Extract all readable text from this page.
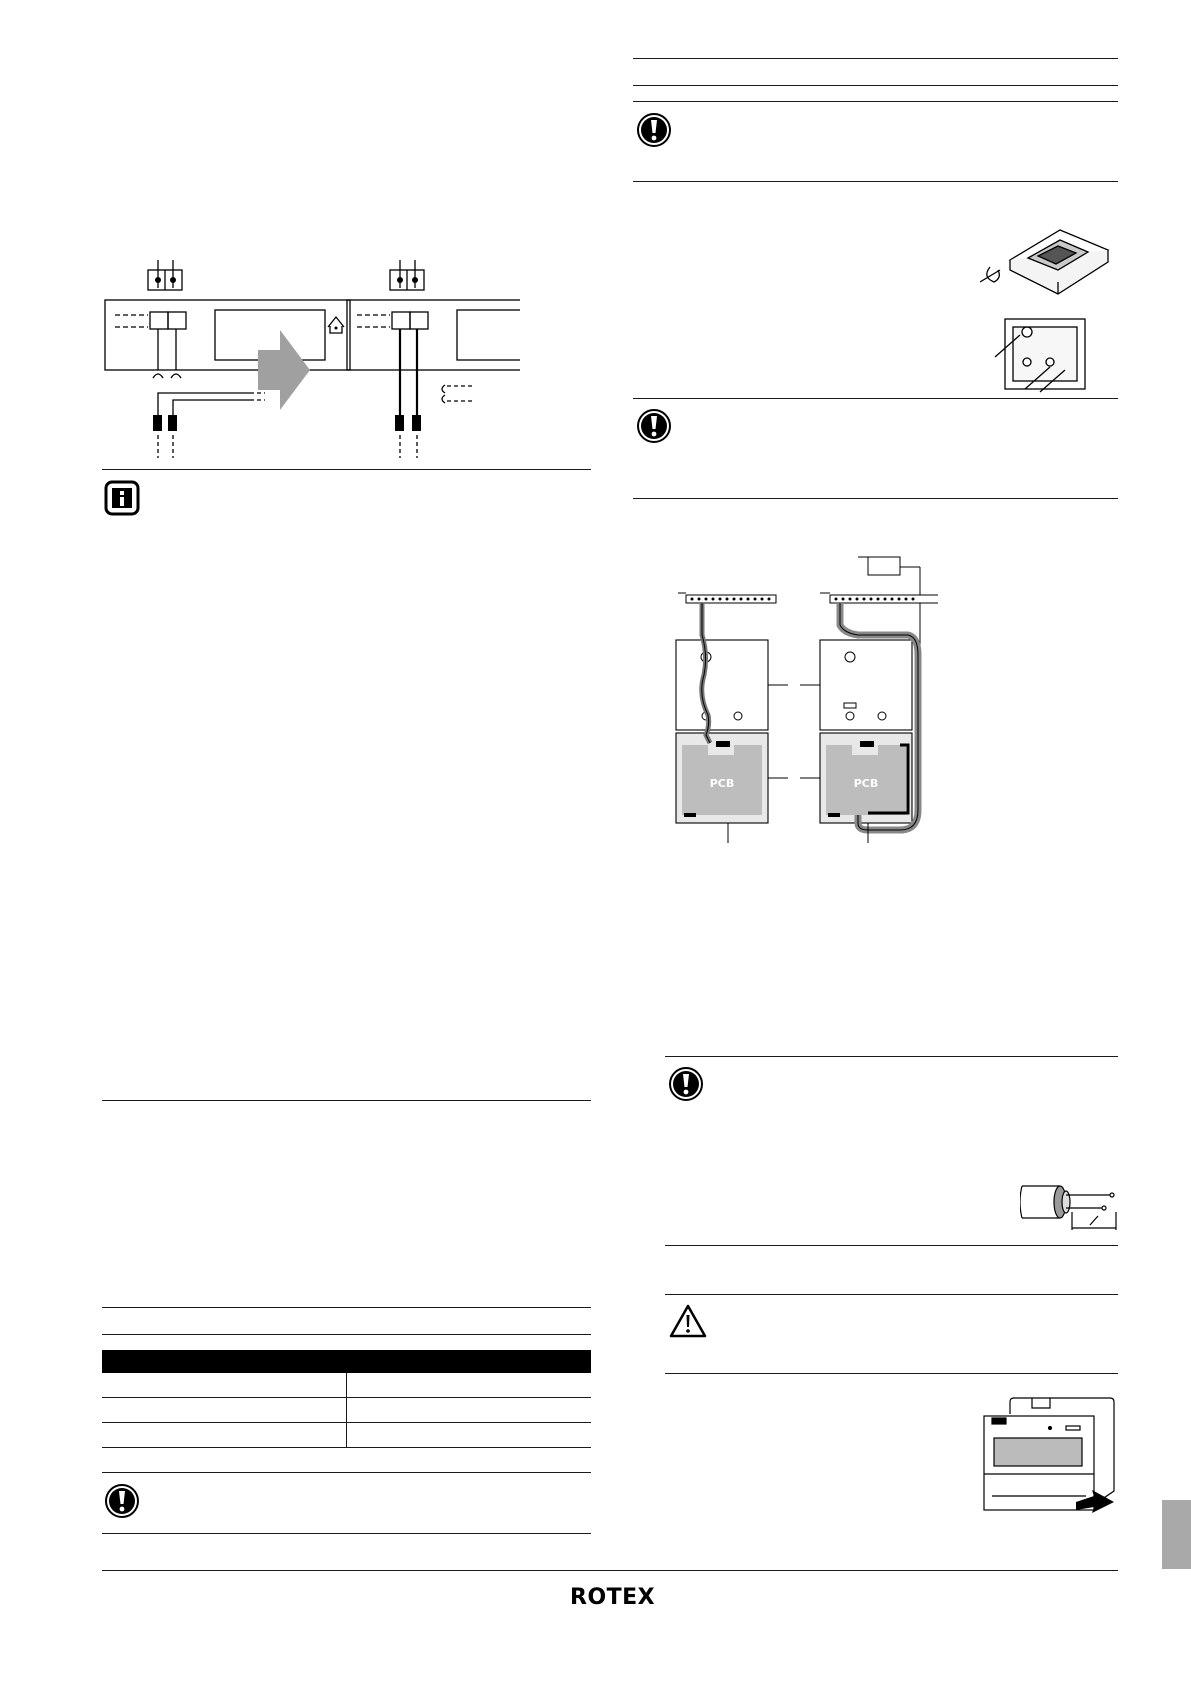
PCB	PCB
ROTEX
